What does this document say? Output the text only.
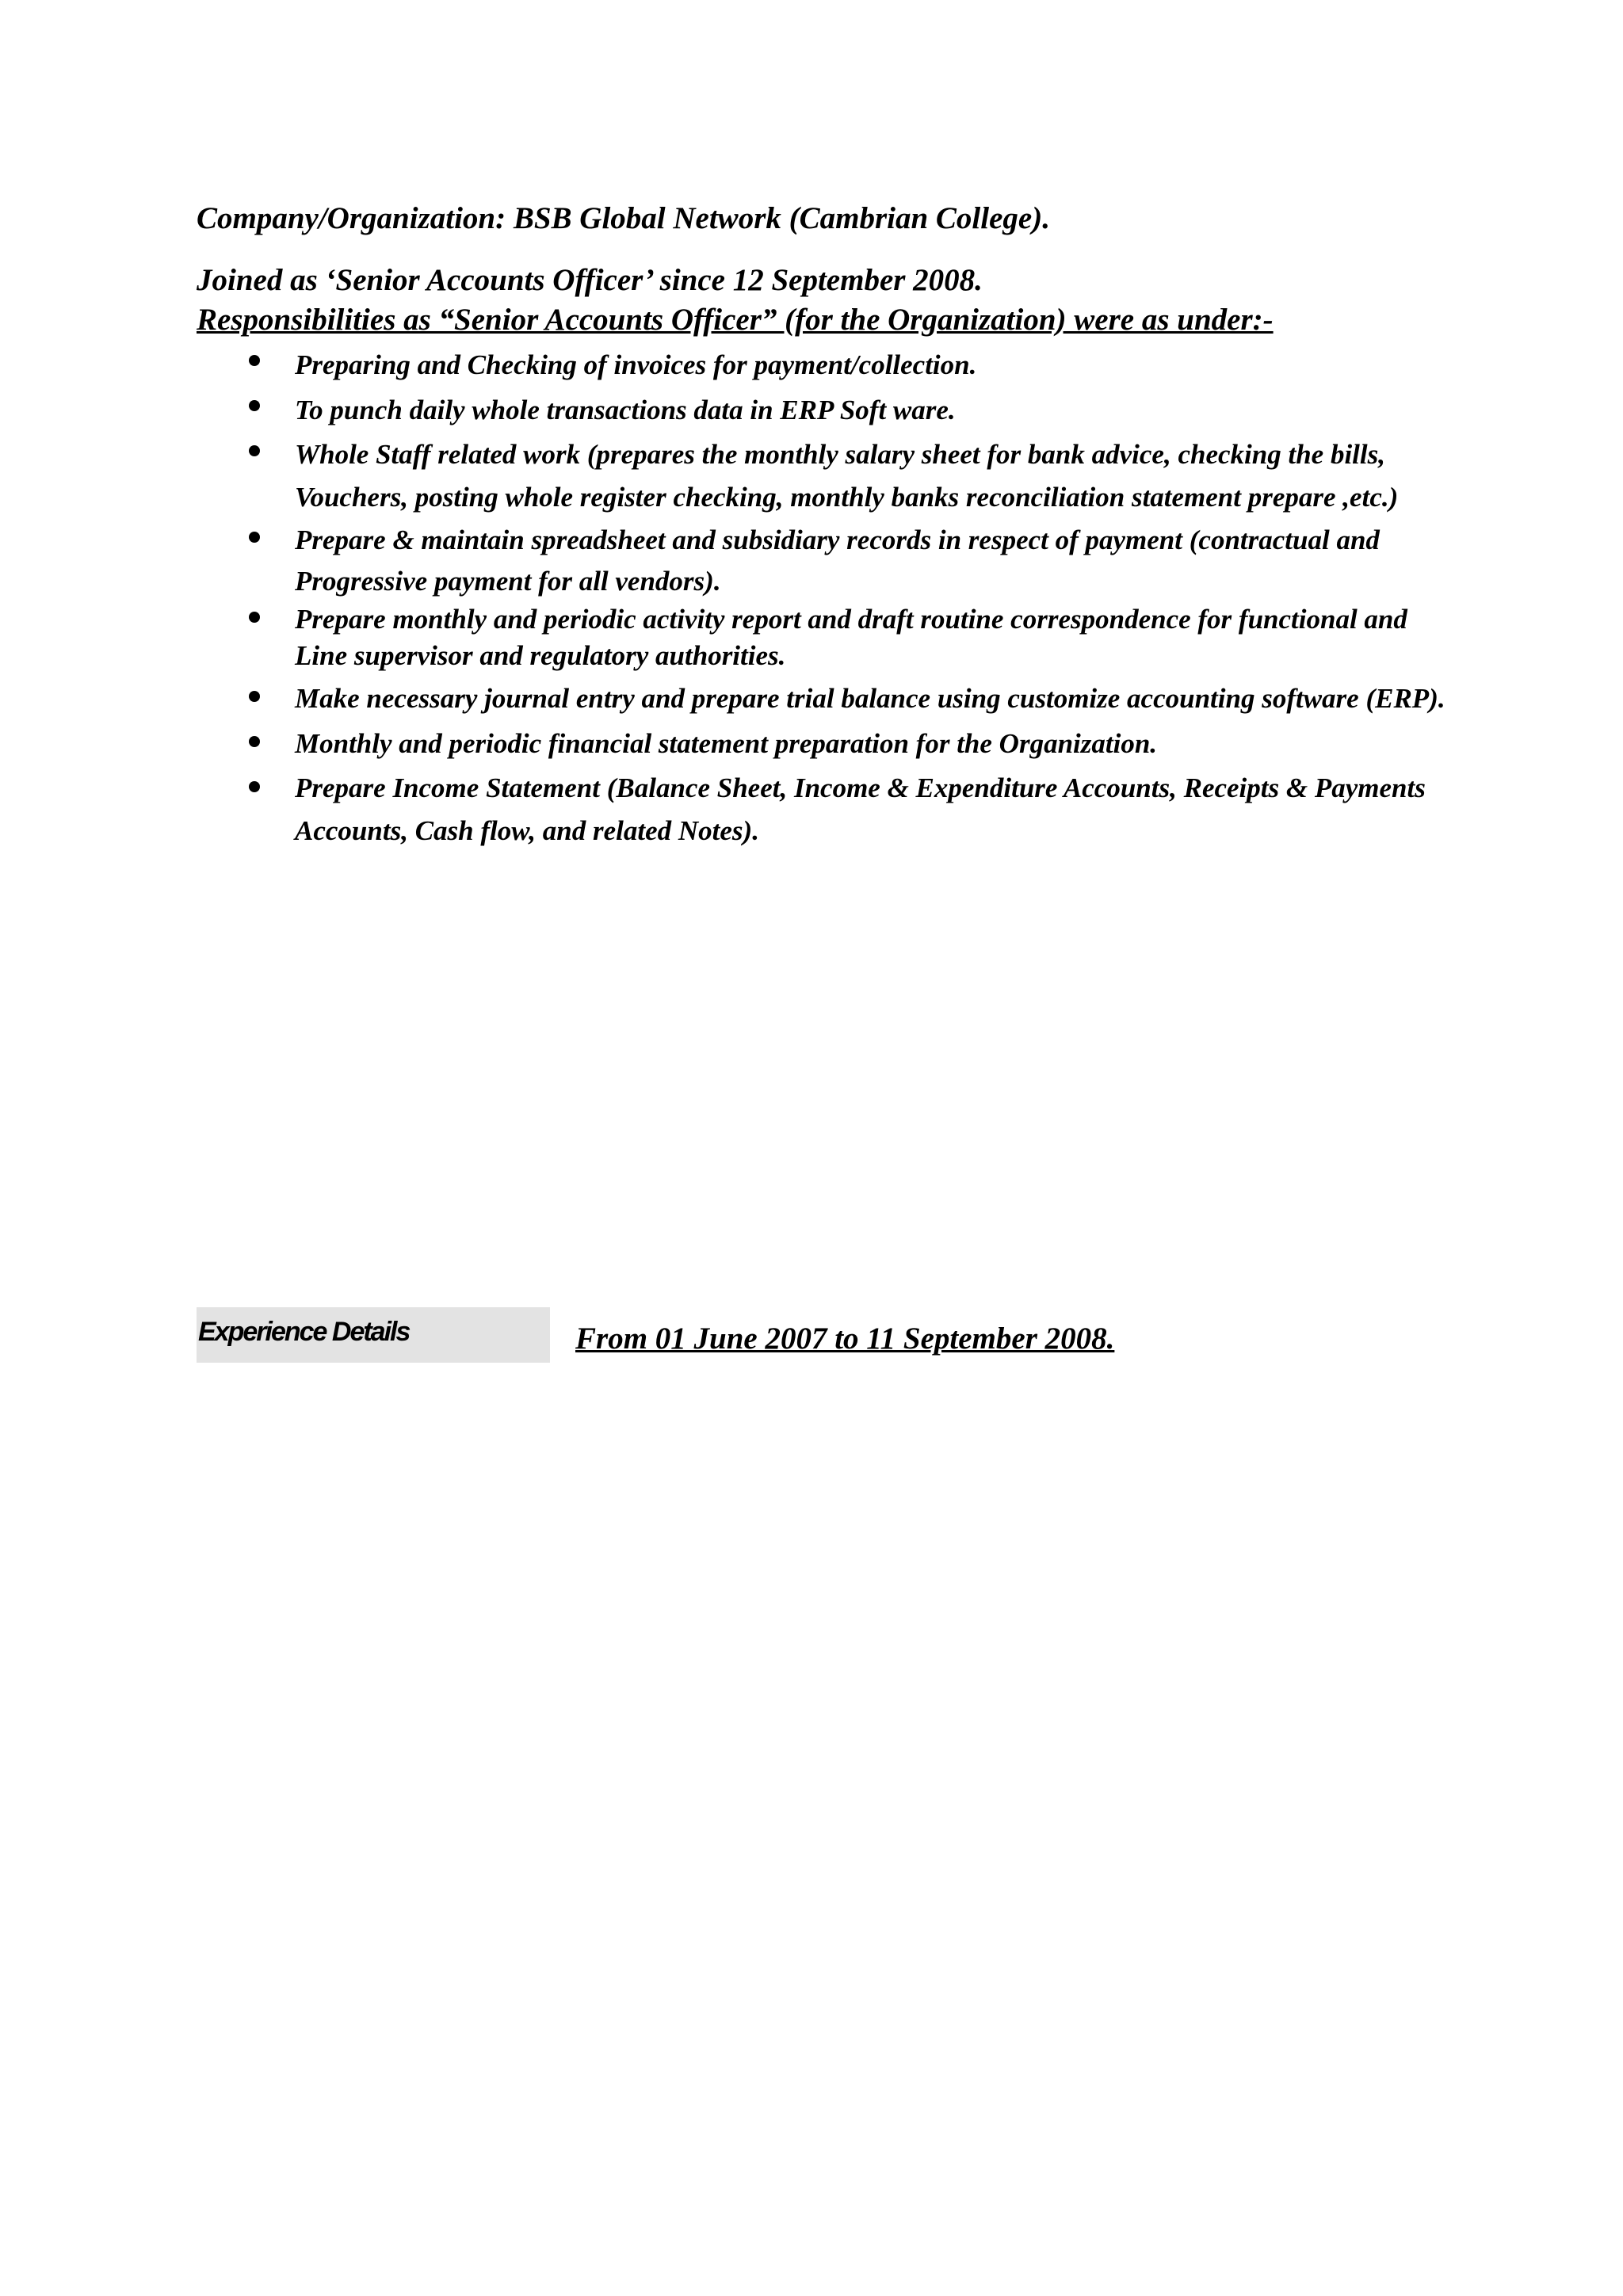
Company/Organization: BSB Global Network (Cambrian College).
Joined as ‘Senior Accounts Officer’ since 12 September 2008.
Responsibilities as “Senior Accounts Officer” (for the Organization) were as under:-
Preparing and Checking of invoices for payment/collection.
To punch daily whole transactions data in ERP Soft ware.
Whole Staff related work (prepares the monthly salary sheet for bank advice, checking the bills,
Vouchers, posting whole register checking, monthly banks reconciliation statement prepare ,etc.)
Prepare & maintain spreadsheet and subsidiary records in respect of payment (contractual and
Progressive payment for all vendors).
Prepare monthly and periodic activity report and draft routine correspondence for functional and
Line supervisor and regulatory authorities.
Make necessary journal entry and prepare trial balance using customize accounting software (ERP).
Monthly and periodic financial statement preparation for the Organization.
Prepare Income Statement (Balance Sheet, Income & Expenditure Accounts, Receipts & Payments
Accounts, Cash flow, and related Notes).
Experience Details	From 01 June 2007 to 11 September 2008.
